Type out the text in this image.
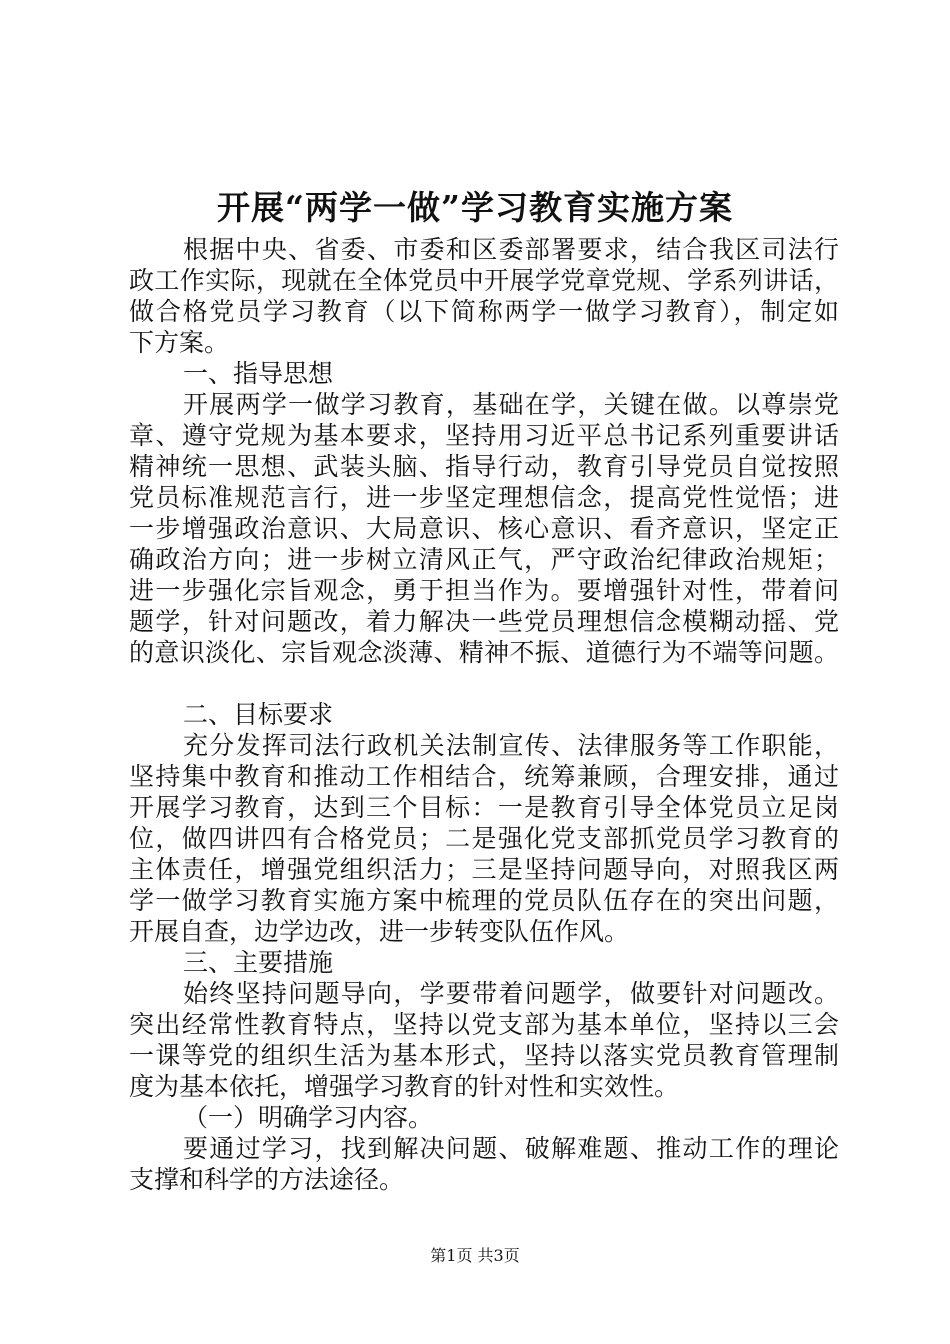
开展“两学一做”学习教育实施方案
根据中央、省委、市委和区委部署要求，结合我区司法行
政工作实际，现就在全体党员中开展学党章党规、学系列讲话，
做合格党员学习教育（以下简称两学一做学习教育），制定如
下方案。
一、指导思想
开展两学一做学习教育，基础在学，关键在做。以尊崇党
章、遵守党规为基本要求，坚持用习近平总书记系列重要讲话
精神统一思想、武装头脑、指导行动，教育引导党员自觉按照
党员标准规范言行，进一步坚定理想信念，提高党性觉悟；进
一步增强政治意识、大局意识、核心意识、看齐意识，坚定正
确政治方向；进一步树立清风正气，严守政治纪律政治规矩；
进一步强化宗旨观念，勇于担当作为。要增强针对性，带着问
题学，针对问题改，着力解决一些党员理想信念模糊动摇、党
的意识淡化、宗旨观念淡薄、精神不振、道德行为不端等问题。
二、目标要求
充分发挥司法行政机关法制宣传、法律服务等工作职能，
坚持集中教育和推动工作相结合，统筹兼顾，合理安排，通过
开展学习教育，达到三个目标：一是教育引导全体党员立足岗
位，做四讲四有合格党员；二是强化党支部抓党员学习教育的
主体责任，增强党组织活力；三是坚持问题导向，对照我区两
学一做学习教育实施方案中梳理的党员队伍存在的突出问题，
开展自查，边学边改，进一步转变队伍作风。
三、主要措施
始终坚持问题导向，学要带着问题学，做要针对问题改。
突出经常性教育特点，坚持以党支部为基本单位，坚持以三会
一课等党的组织生活为基本形式，坚持以落实党员教育管理制
度为基本依托，增强学习教育的针对性和实效性。
（一）明确学习内容。
要通过学习，找到解决问题、破解难题、推动工作的理论
支撑和科学的方法途径。
第1页 共3页
